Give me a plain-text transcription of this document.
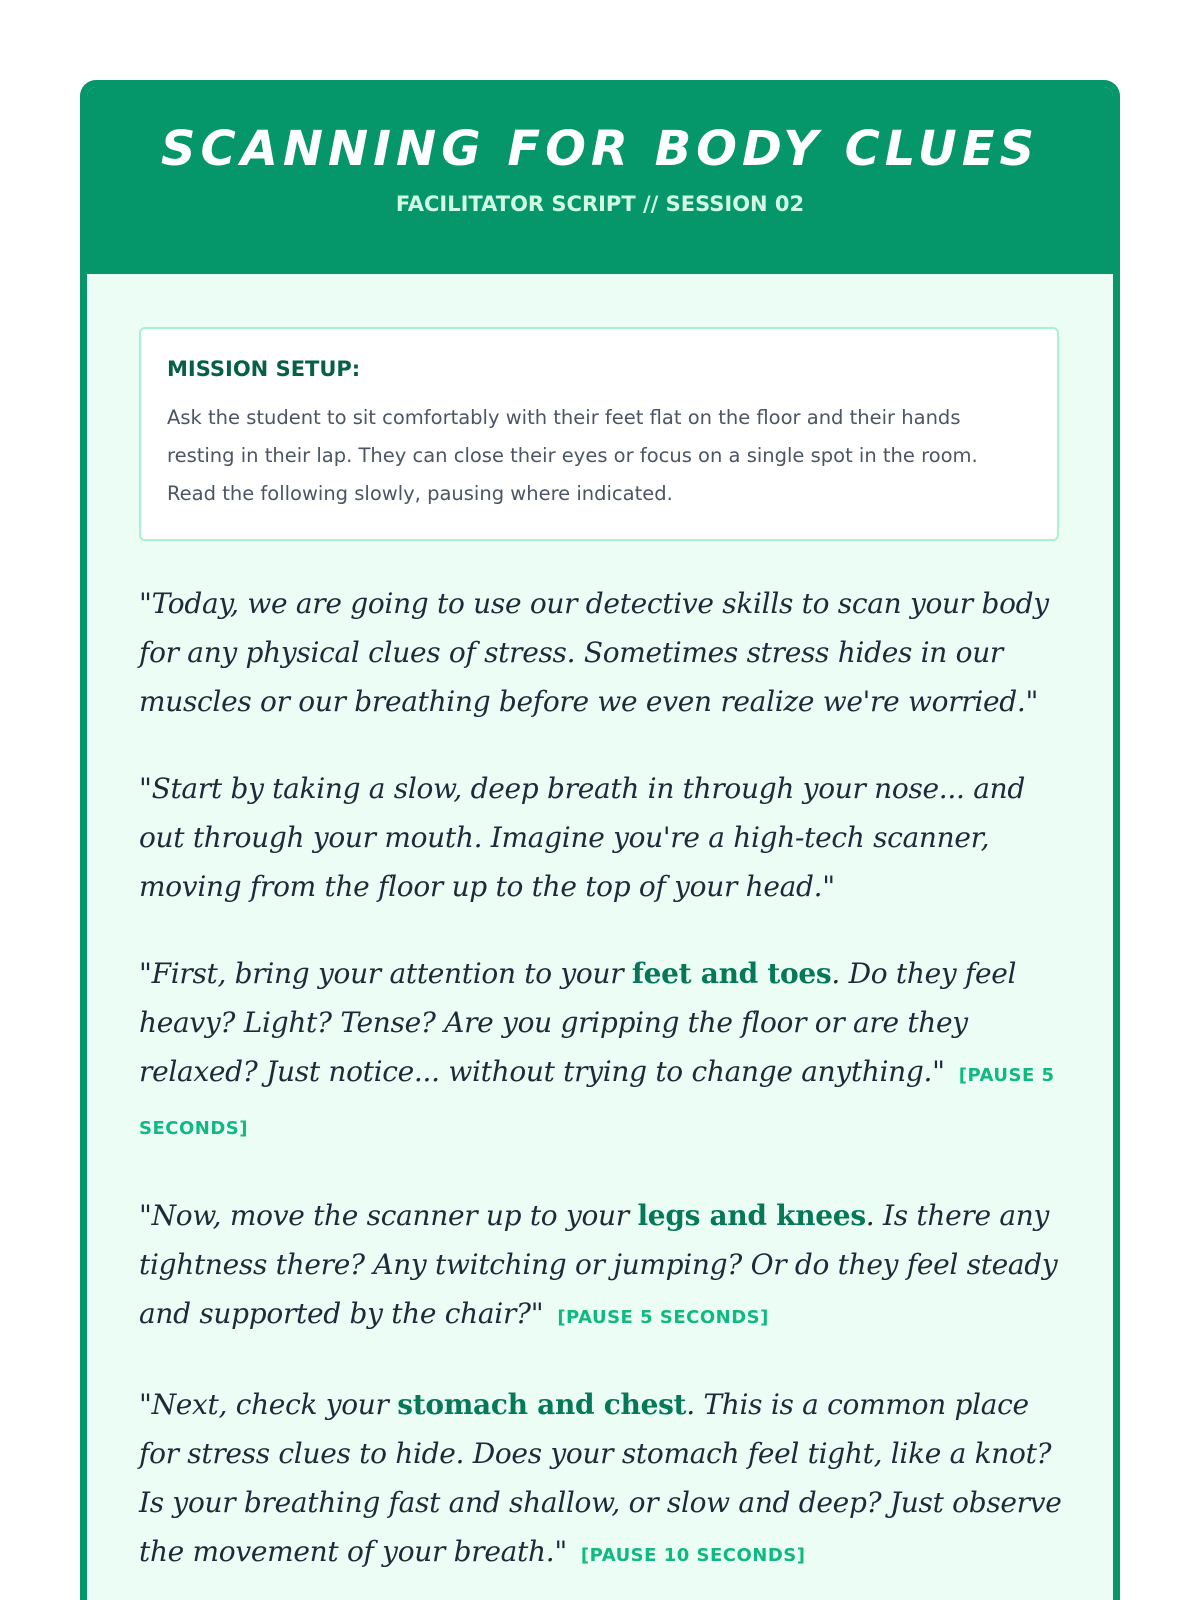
SCANNING FOR BODY CLUES
FACILITATOR SCRIPT // SESSION 02
MISSION SETUP:
Ask the student to sit comfortably with their feet flat on the floor and their hands resting in their lap. They can close their eyes or focus on a single spot in the room. Read the following slowly, pausing where indicated.

"Today, we are going to use our detective skills to scan your body for any physical clues of stress. Sometimes stress hides in our muscles or our breathing before we even realize we're worried."

"Start by taking a slow, deep breath in through your nose... and out through your mouth. Imagine you're a high-tech scanner, moving from the floor up to the top of your head."

"First, bring your attention to your feet and toes. Do they feel heavy? Light? Tense? Are you gripping the floor or are they relaxed? Just notice... without trying to change anything." [PAUSE 5 SECONDS]

"Now, move the scanner up to your legs and knees. Is there any tightness there? Any twitching or jumping? Or do they feel steady and supported by the chair?" [PAUSE 5 SECONDS]

"Next, check your stomach and chest. This is a common place for stress clues to hide. Does your stomach feel tight, like a knot? Is your breathing fast and shallow, or slow and deep? Just observe the movement of your breath." [PAUSE 10 SECONDS]
